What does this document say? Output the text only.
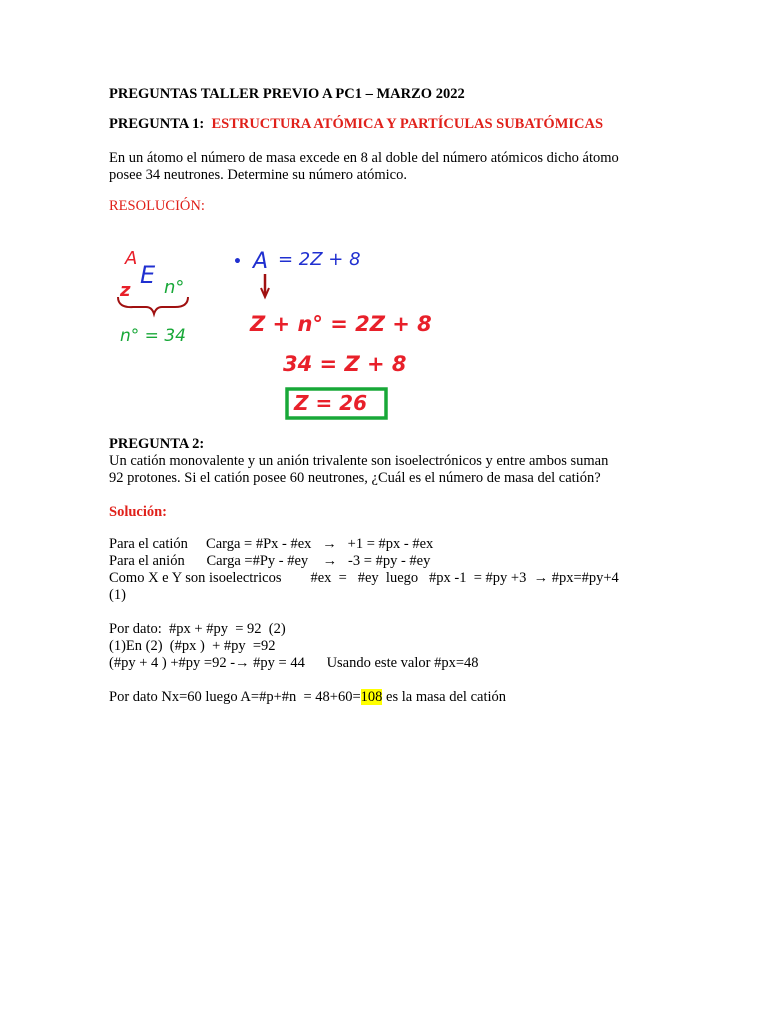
PREGUNTAS TALLER PREVIO A PC1 – MARZO 2022
PREGUNTA 1: ESTRUCTURA ATÓMICA Y PARTÍCULAS SUBATÓMICAS
En un átomo el número de masa excede en 8 al doble del número atómicos dicho átomo
posee 34 neutrones. Determine su número atómico.
RESOLUCIÓN:
A
E
z n°
n° = 34
• A = 2Z + 8
Z + n° = 2Z + 8
34 = Z + 8
Z = 26
PREGUNTA 2:
Un catión monovalente y un anión trivalente son isoelectrónicos y entre ambos suman
92 protones. Si el catión posee 60 neutrones, ¿Cuál es el número de masa del catión?
Solución:
Para el catión     Carga = #Px - #ex   →   +1 = #px - #ex
Para el anión      Carga =#Py - #ey    →   -3 = #py - #ey
Como X e Y son isoelectricos        #ex  =   #ey  luego   #px -1  = #py +3  → #px=#py+4
(1)
Por dato:  #px + #py  = 92  (2)
(1)En (2)  (#px )  + #py  =92
(#py + 4 ) +#py =92 -→ #py = 44      Usando este valor #px=48
Por dato Nx=60 luego A=#p+#n  = 48+60=108 es la masa del catión
